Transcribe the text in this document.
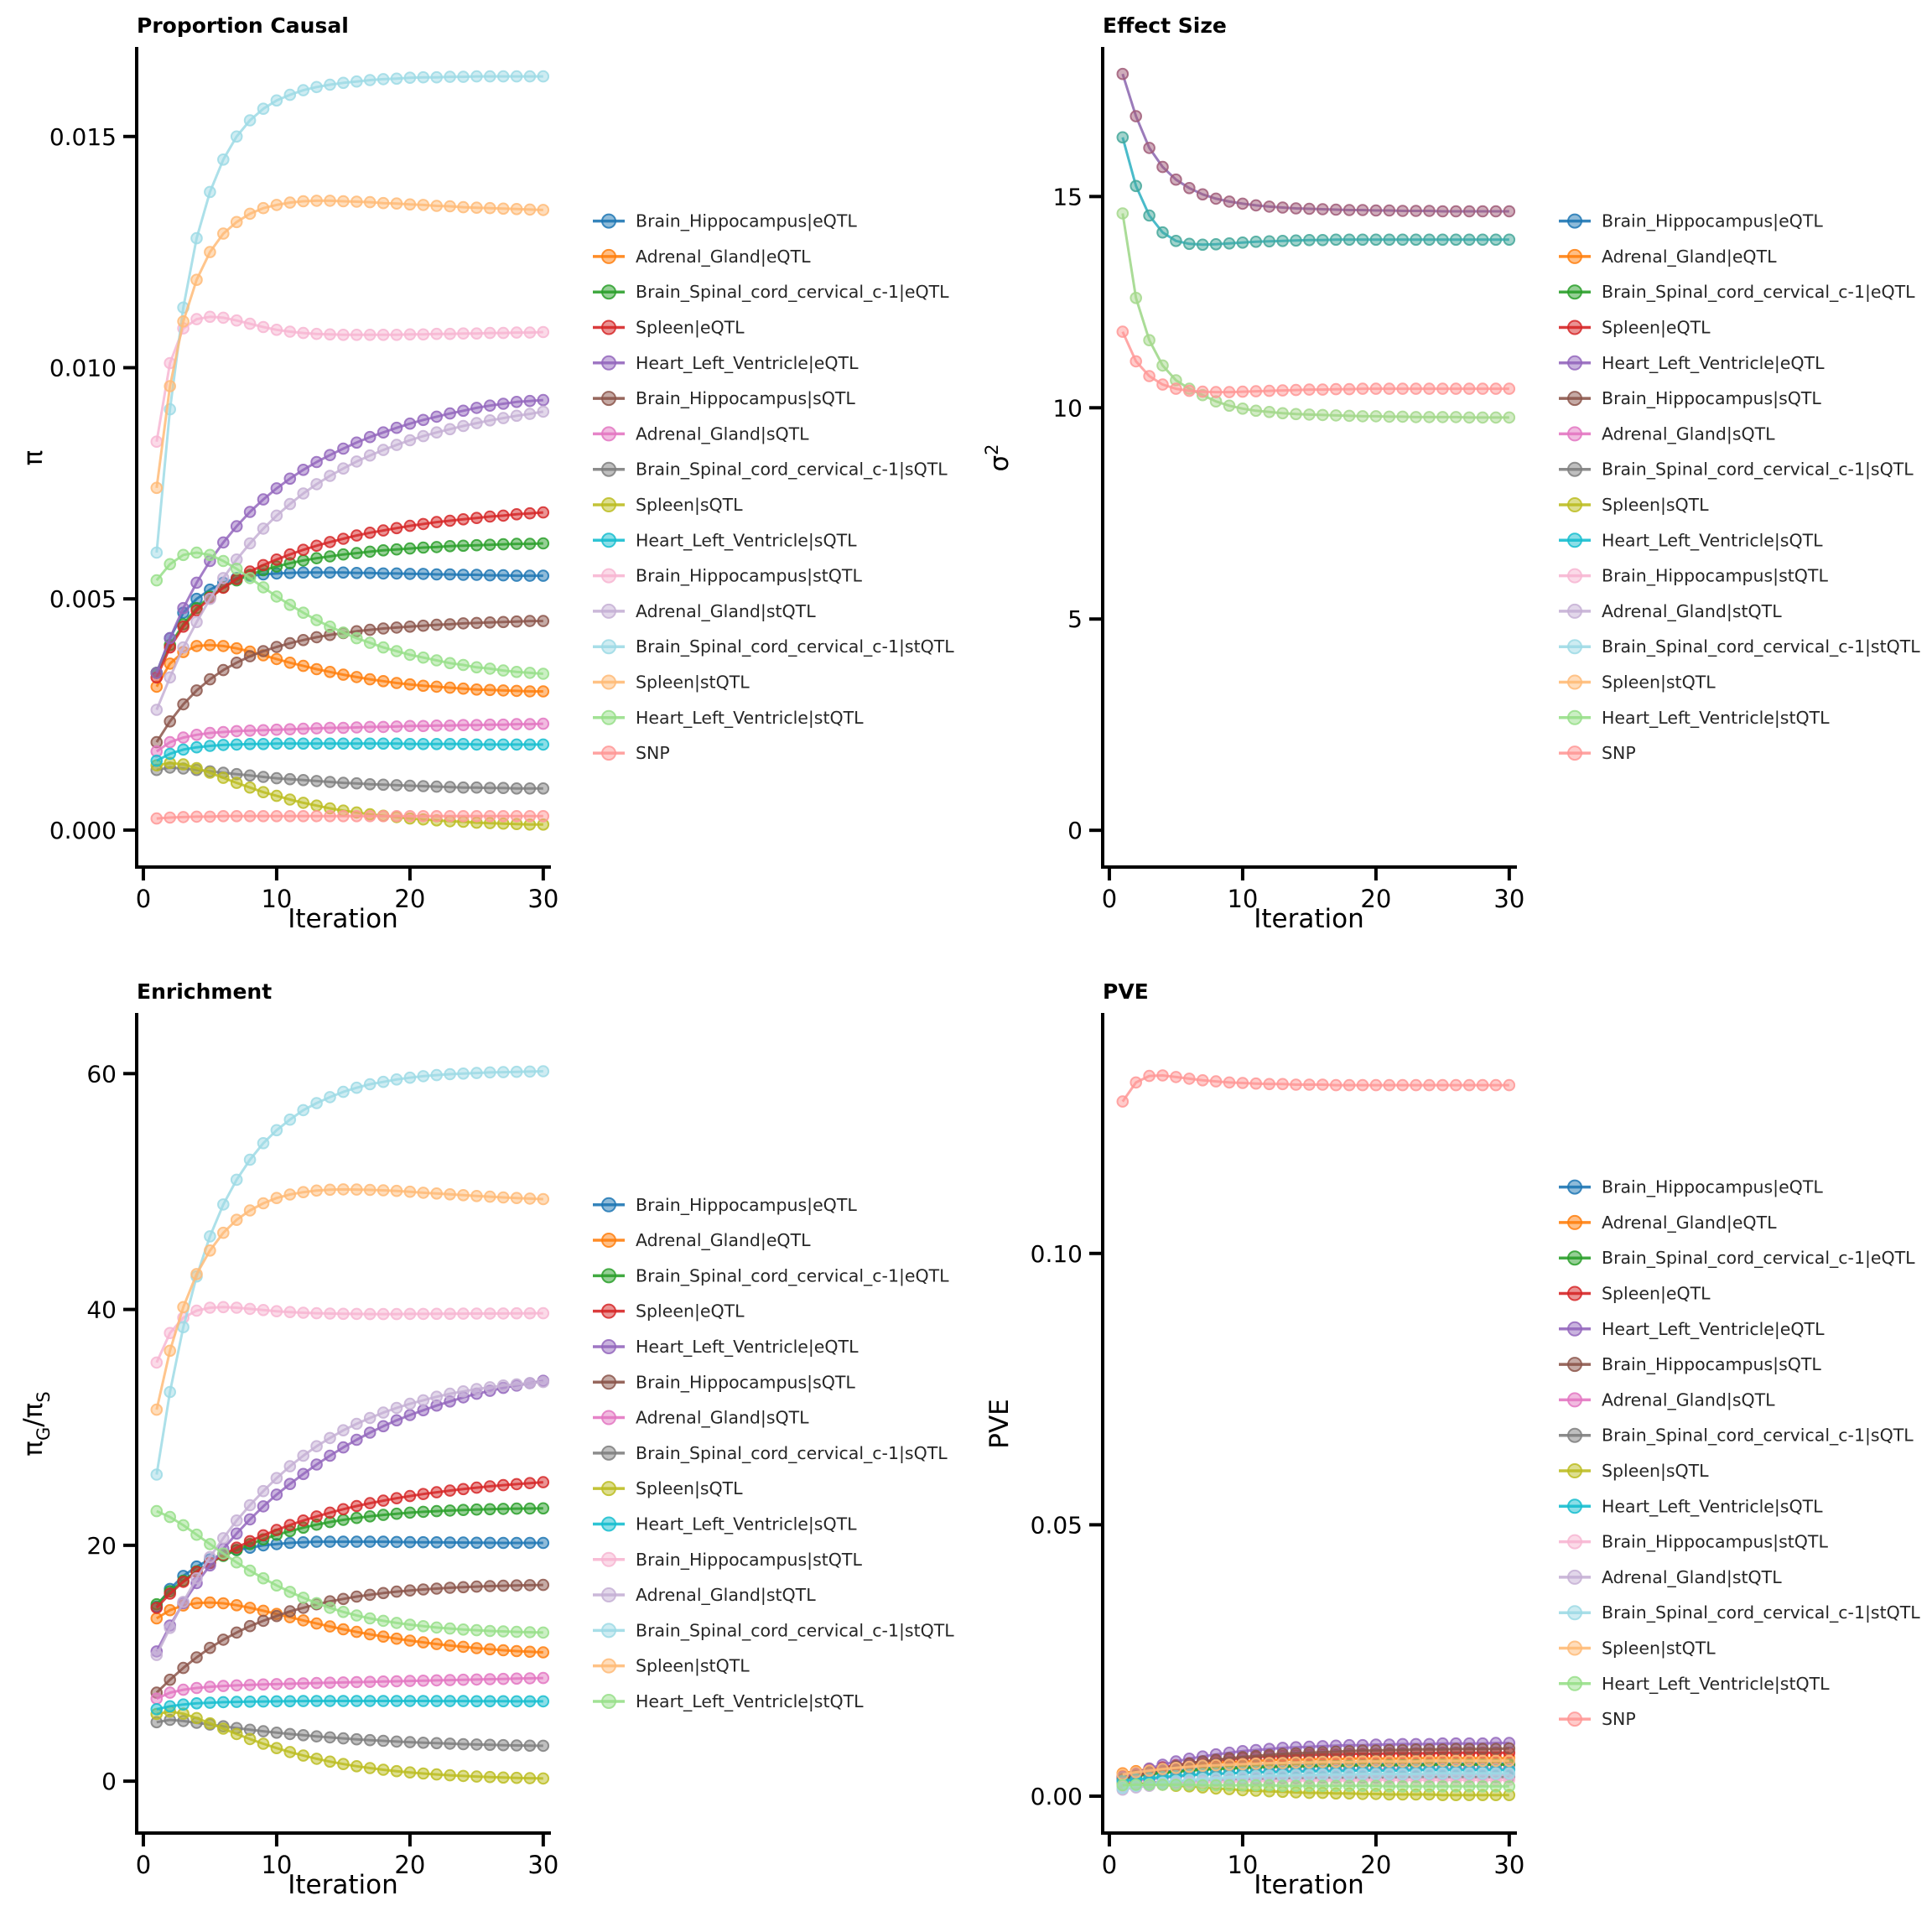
0	10	20	30
0.000
0.005
0.010
0.015
π
Brain_Hippocampus|eQTL
Adrenal_Gland|eQTL
Brain_Spinal_cord_cervical_c-1|eQTL
Spleen|eQTL
Heart_Left_Ventricle|eQTL
Brain_Hippocampus|sQTL
Adrenal_Gland|sQTL
Brain_Spinal_cord_cervical_c-1|sQTL
Spleen|sQTL
Heart_Left_Ventricle|sQTL
Brain_Hippocampus|stQTL
Adrenal_Gland|stQTL
Brain_Spinal_cord_cervical_c-1|stQTL
Spleen|stQTL
Heart_Left_Ventricle|stQTL
SNP
0	10	20	30
0
5
10
15
$\sigma^2$
Brain_Hippocampus|eQTL
Adrenal_Gland|eQTL
Brain_Spinal_cord_cervical_c-1|eQTL
Spleen|eQTL
Heart_Left_Ventricle|eQTL
Brain_Hippocampus|sQTL
Adrenal_Gland|sQTL
Brain_Spinal_cord_cervical_c-1|sQTL
Spleen|sQTL
Heart_Left_Ventricle|sQTL
Brain_Hippocampus|stQTL
Adrenal_Gland|stQTL
Brain_Spinal_cord_cervical_c-1|stQTL
Spleen|stQTL
Heart_Left_Ventricle|stQTL
SNP
0	10	20	30
0
20
40
60
$\pi_G/\pi_S$
Brain_Hippocampus|eQTL
Adrenal_Gland|eQTL
Brain_Spinal_cord_cervical_c-1|eQTL
Spleen|eQTL
Heart_Left_Ventricle|eQTL
Brain_Hippocampus|sQTL
Adrenal_Gland|sQTL
Brain_Spinal_cord_cervical_c-1|sQTL
Spleen|sQTL
Heart_Left_Ventricle|sQTL
Brain_Hippocampus|stQTL
Adrenal_Gland|stQTL
Brain_Spinal_cord_cervical_c-1|stQTL
Spleen|stQTL
Heart_Left_Ventricle|stQTL
0	10	20	30
0.00
0.05
0.10
PVE
Brain_Hippocampus|eQTL
Adrenal_Gland|eQTL
Brain_Spinal_cord_cervical_c-1|eQTL
Spleen|eQTL
Heart_Left_Ventricle|eQTL
Brain_Hippocampus|sQTL
Adrenal_Gland|sQTL
Brain_Spinal_cord_cervical_c-1|sQTL
Spleen|sQTL
Heart_Left_Ventricle|sQTL
Brain_Hippocampus|stQTL
Adrenal_Gland|stQTL
Brain_Spinal_cord_cervical_c-1|stQTL
Spleen|stQTL
Heart_Left_Ventricle|stQTL
SNP
Proportion Causal	Effect Size
Enrichment	PVE
Iteration	Iteration
Iteration	Iteration
